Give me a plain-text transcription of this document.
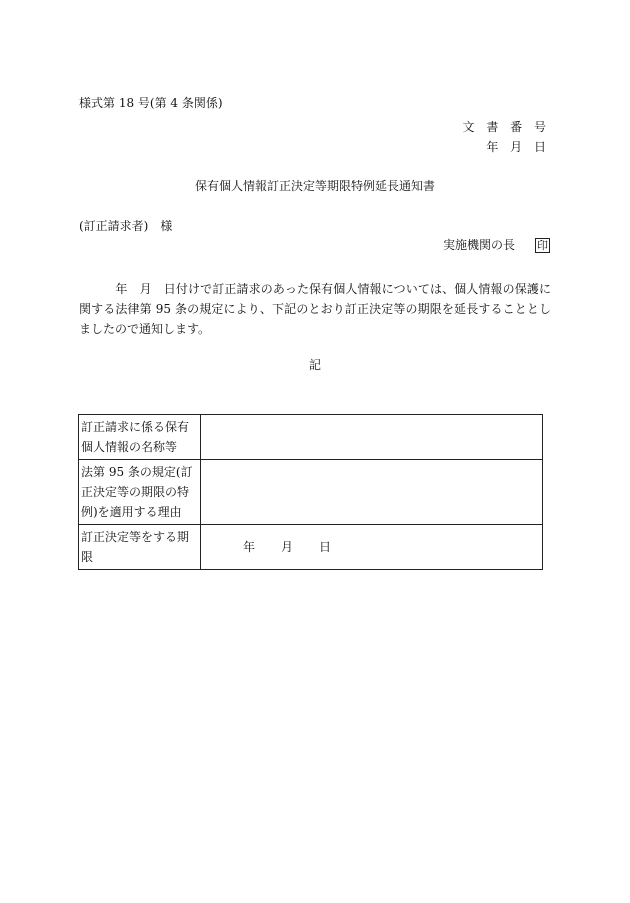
様式第 18 号(第 4 条関係)
文 書 番 号
年 月 日
保有個人情報訂正決定等期限特例延長通知書
(訂正請求者)　様
実施機関の長 印
　　　年　月　日付けで訂正請求のあった保有個人情報については、個人情報の保護に関する法律第 95 条の規定により、下記のとおり訂正決定等の期限を延長することとしましたので通知します。
記
訂正請求に係る保有個人情報の名称等	
法第 95 条の規定(訂正決定等の期限の特例)を適用する理由	
訂正決定等をする期限	年 月 日
